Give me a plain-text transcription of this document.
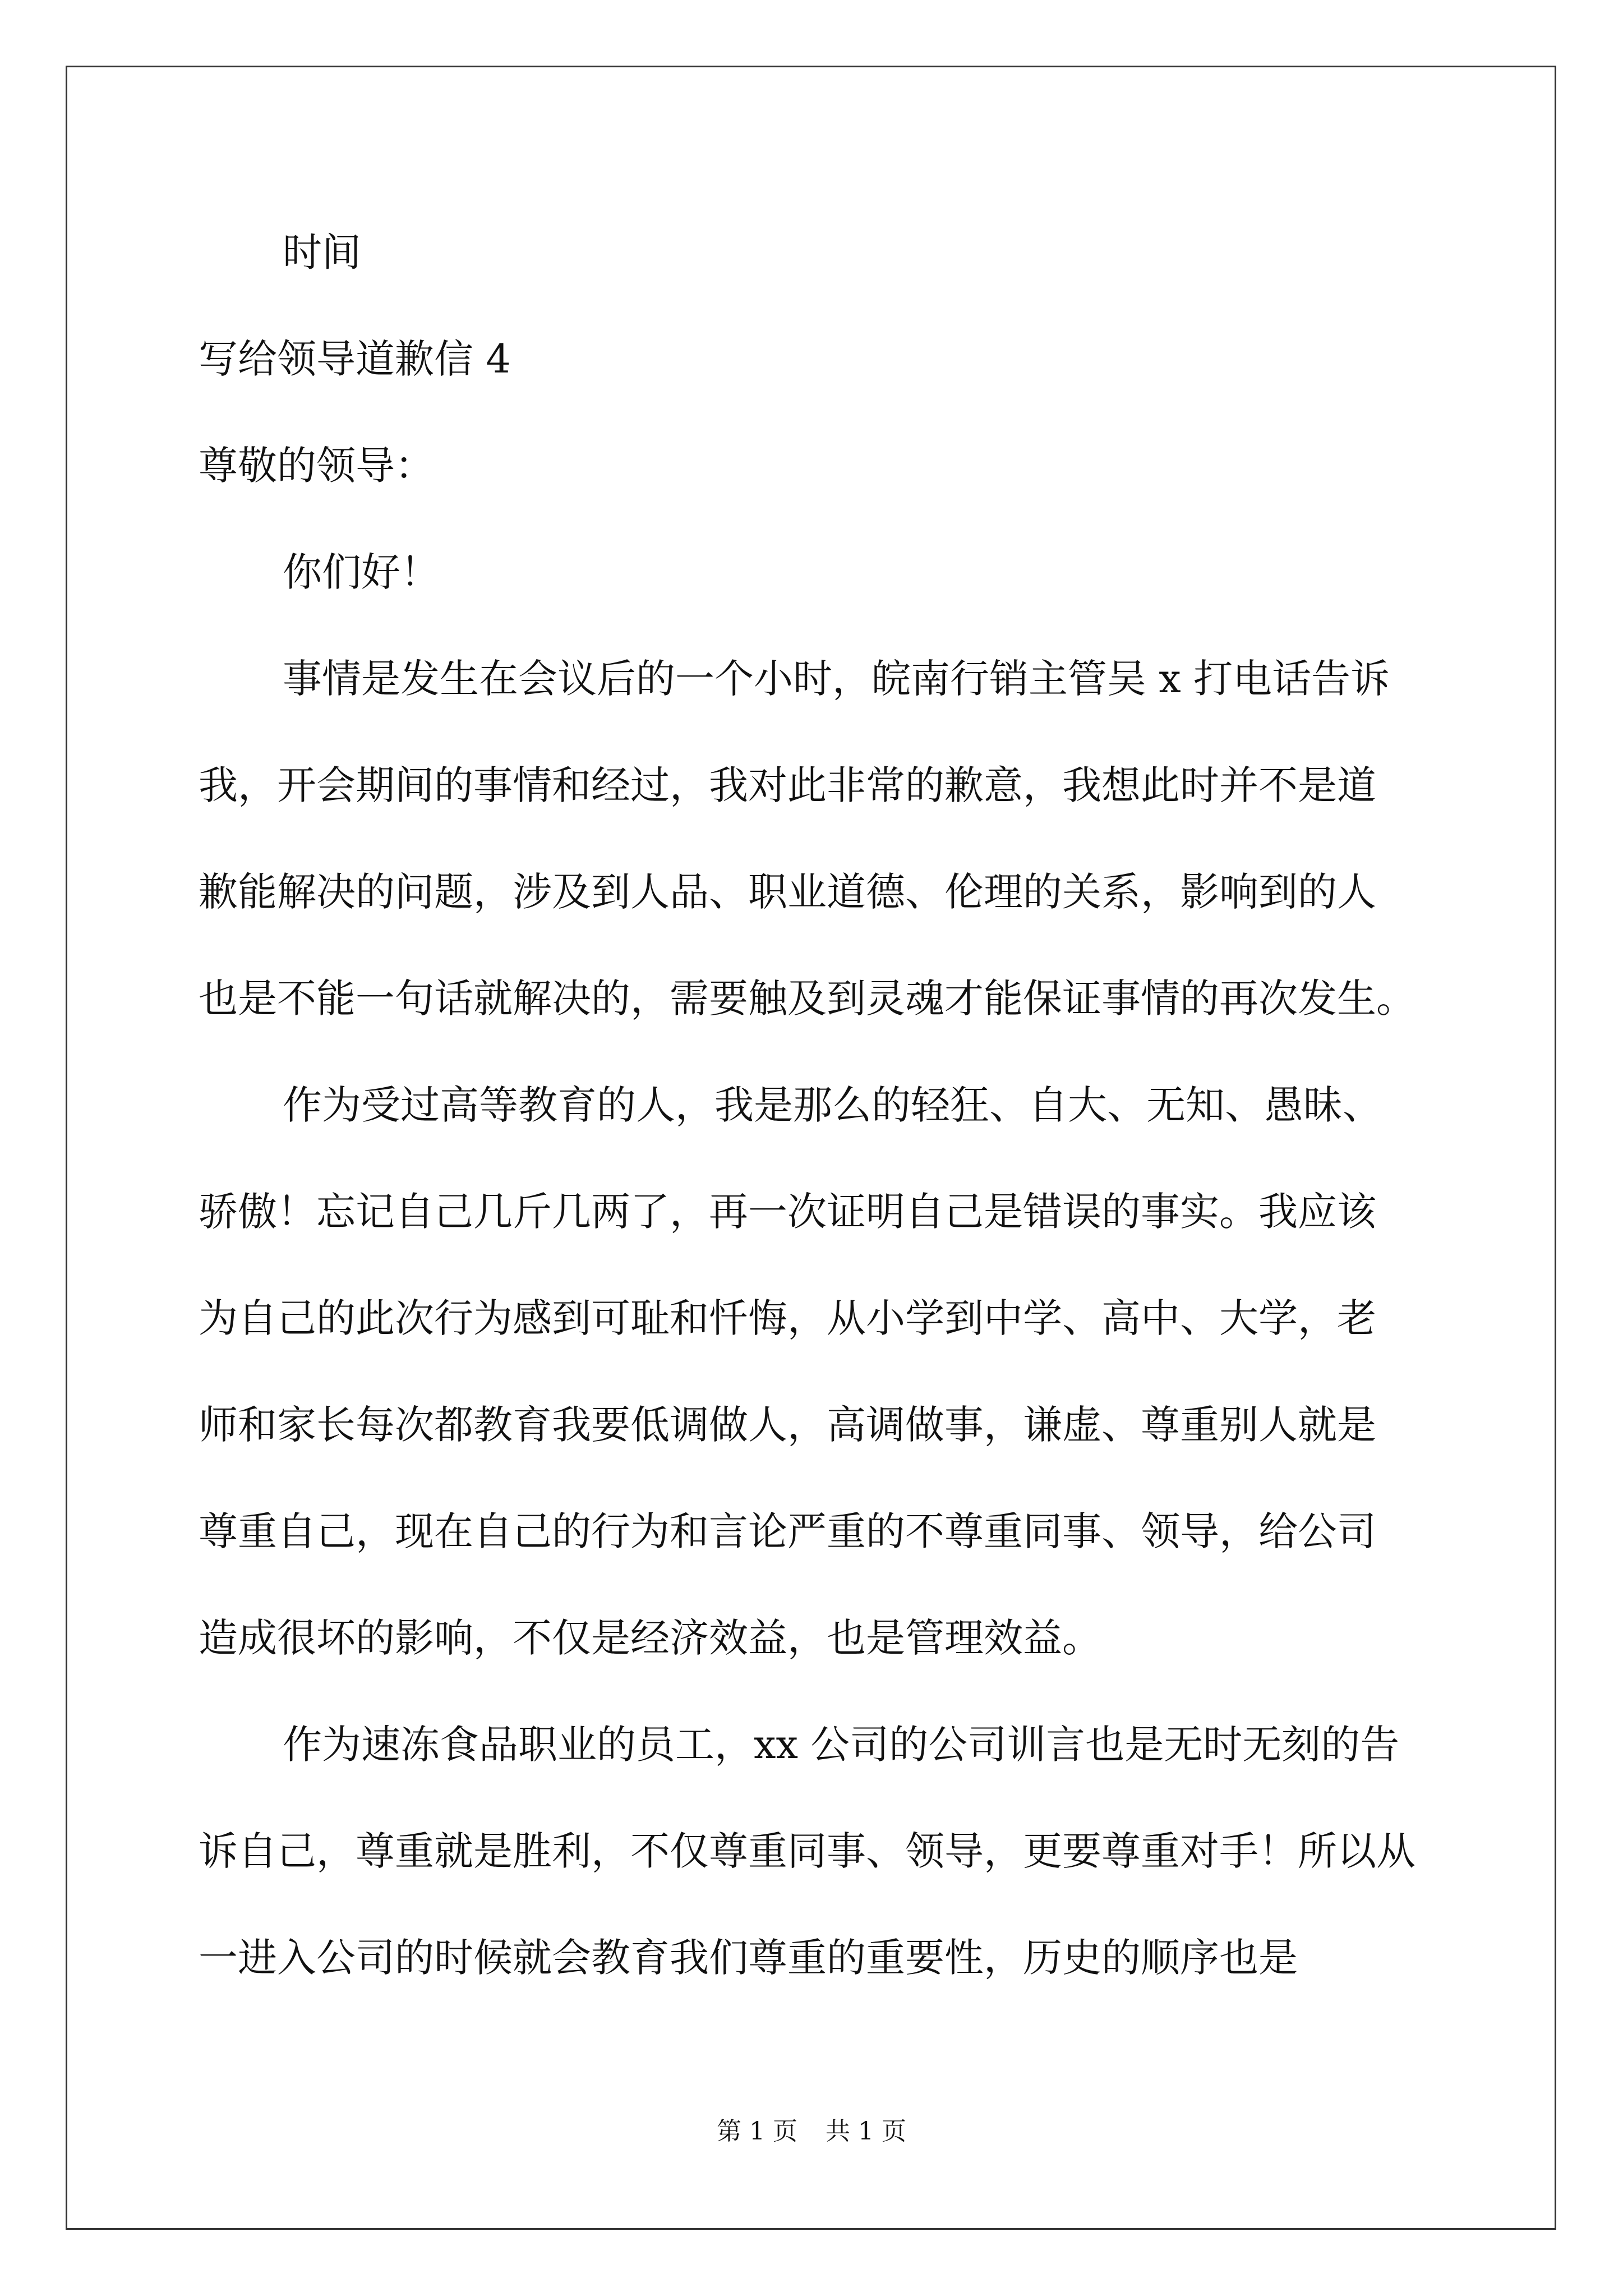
时间

写给领导道歉信 4

尊敬的领导：

你们好！

事情是发生在会议后的一个小时，皖南行销主管吴 x 打电话告诉

我，开会期间的事情和经过，我对此非常的歉意，我想此时并不是道

歉能解决的问题，涉及到人品、职业道德、伦理的关系，影响到的人

也是不能一句话就解决的，需要触及到灵魂才能保证事情的再次发生。

作为受过高等教育的人，我是那么的轻狂、自大、无知、愚昧、

骄傲！忘记自己几斤几两了，再一次证明自己是错误的事实。我应该

为自己的此次行为感到可耻和忏悔，从小学到中学、高中、大学，老

师和家长每次都教育我要低调做人，高调做事，谦虚、尊重别人就是

尊重自己，现在自己的行为和言论严重的不尊重同事、领导，给公司

造成很坏的影响，不仅是经济效益，也是管理效益。

作为速冻食品职业的员工，xx 公司的公司训言也是无时无刻的告

诉自己，尊重就是胜利，不仅尊重同事、领导，更要尊重对手！所以从

一进入公司的时候就会教育我们尊重的重要性，历史的顺序也是

第 1 页 共 1 页
